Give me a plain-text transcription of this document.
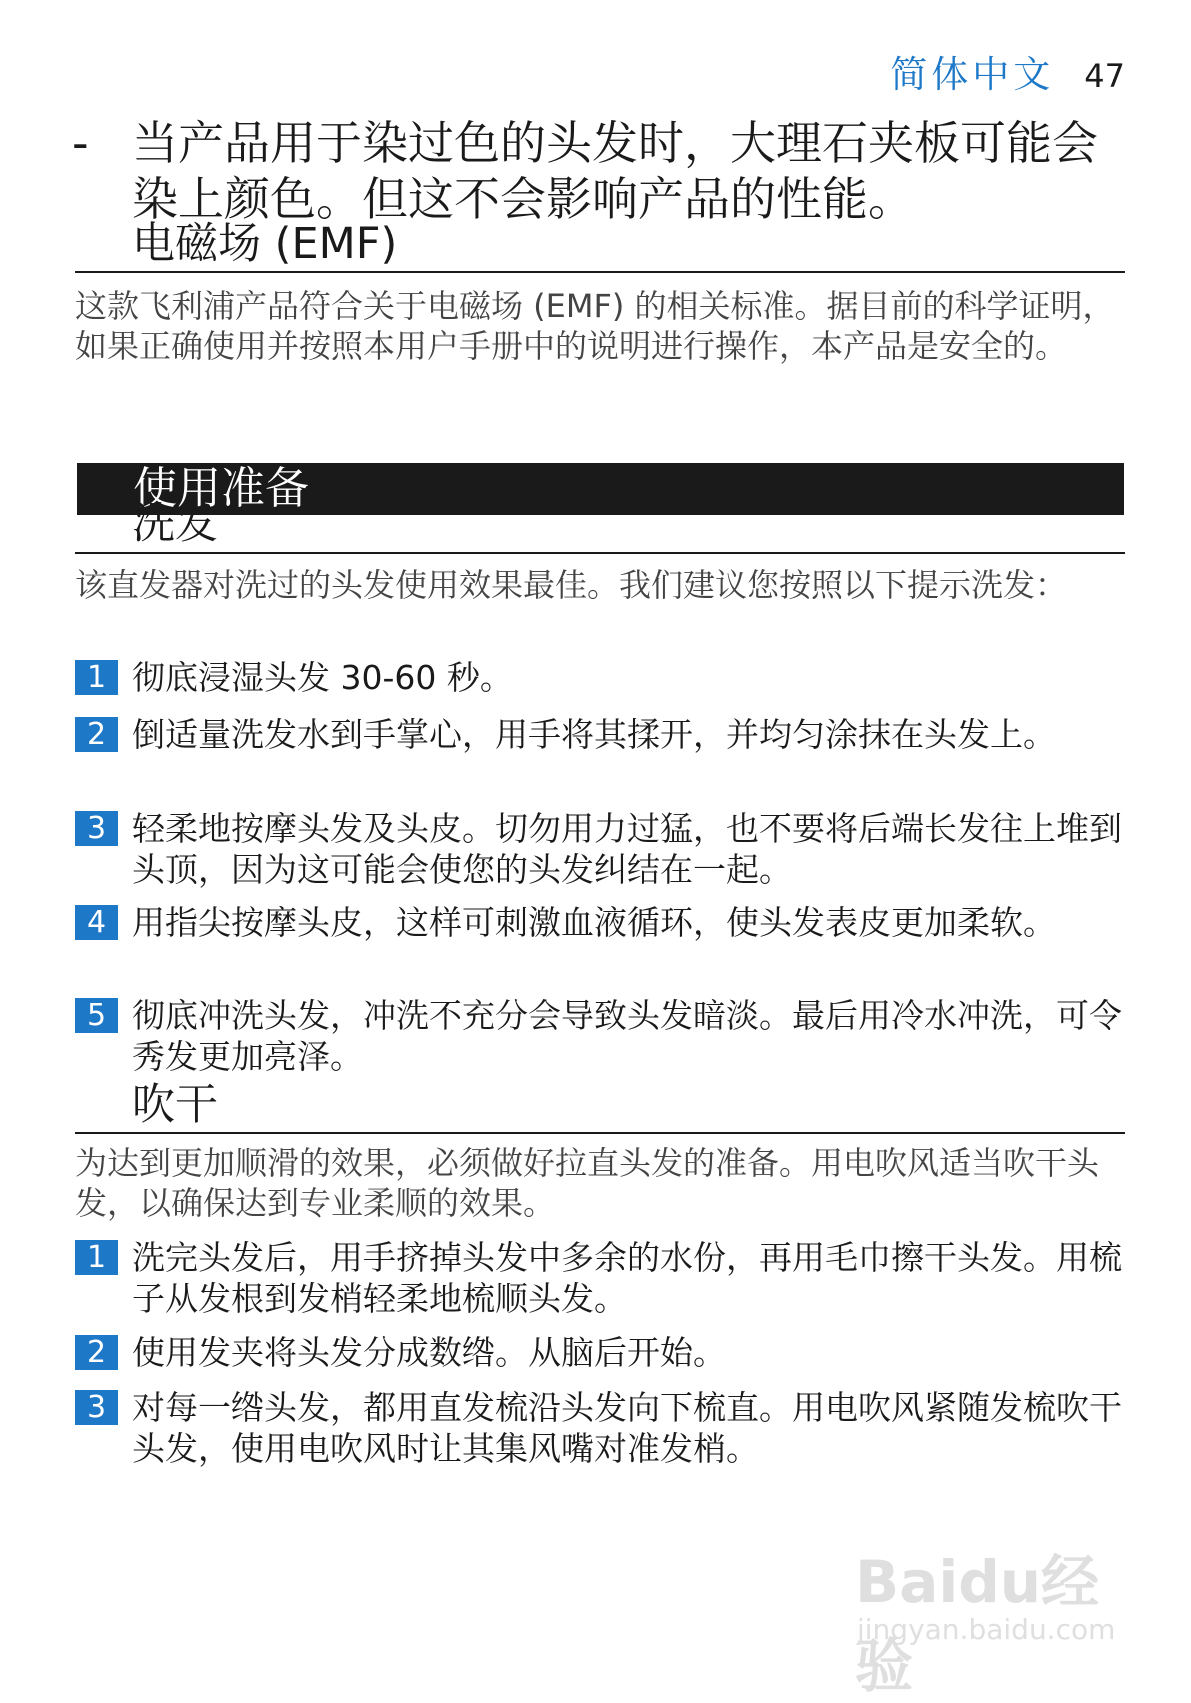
简体中文 47
- 当产品用于染过色的头发时，大理石夹板可能会染上颜色。但这不会影响产品的性能。
电磁场 (EMF)
这款飞利浦产品符合关于电磁场 (EMF) 的相关标准。据目前的科学证明，如果正确使用并按照本用户手册中的说明进行操作，本产品是安全的。
使用准备
洗发
该直发器对洗过的头发使用效果最佳。我们建议您按照以下提示洗发：
1 彻底浸湿头发 30-60 秒。
2 倒适量洗发水到手掌心，用手将其揉开，并均匀涂抹在头发上。
3 轻柔地按摩头发及头皮。切勿用力过猛，也不要将后端长发往上堆到头顶，因为这可能会使您的头发纠结在一起。
4 用指尖按摩头皮，这样可刺激血液循环，使头发表皮更加柔软。
5 彻底冲洗头发，冲洗不充分会导致头发暗淡。最后用冷水冲洗，可令秀发更加亮泽。
吹干
为达到更加顺滑的效果，必须做好拉直头发的准备。用电吹风适当吹干头发，以确保达到专业柔顺的效果。
1 洗完头发后，用手挤掉头发中多余的水份，再用毛巾擦干头发。用梳子从发根到发梢轻柔地梳顺头发。
2 使用发夹将头发分成数绺。从脑后开始。
3 对每一绺头发，都用直发梳沿头发向下梳直。用电吹风紧随发梳吹干头发，使用电吹风时让其集风嘴对准发梢。
Baidu经验
jingyan.baidu.com
